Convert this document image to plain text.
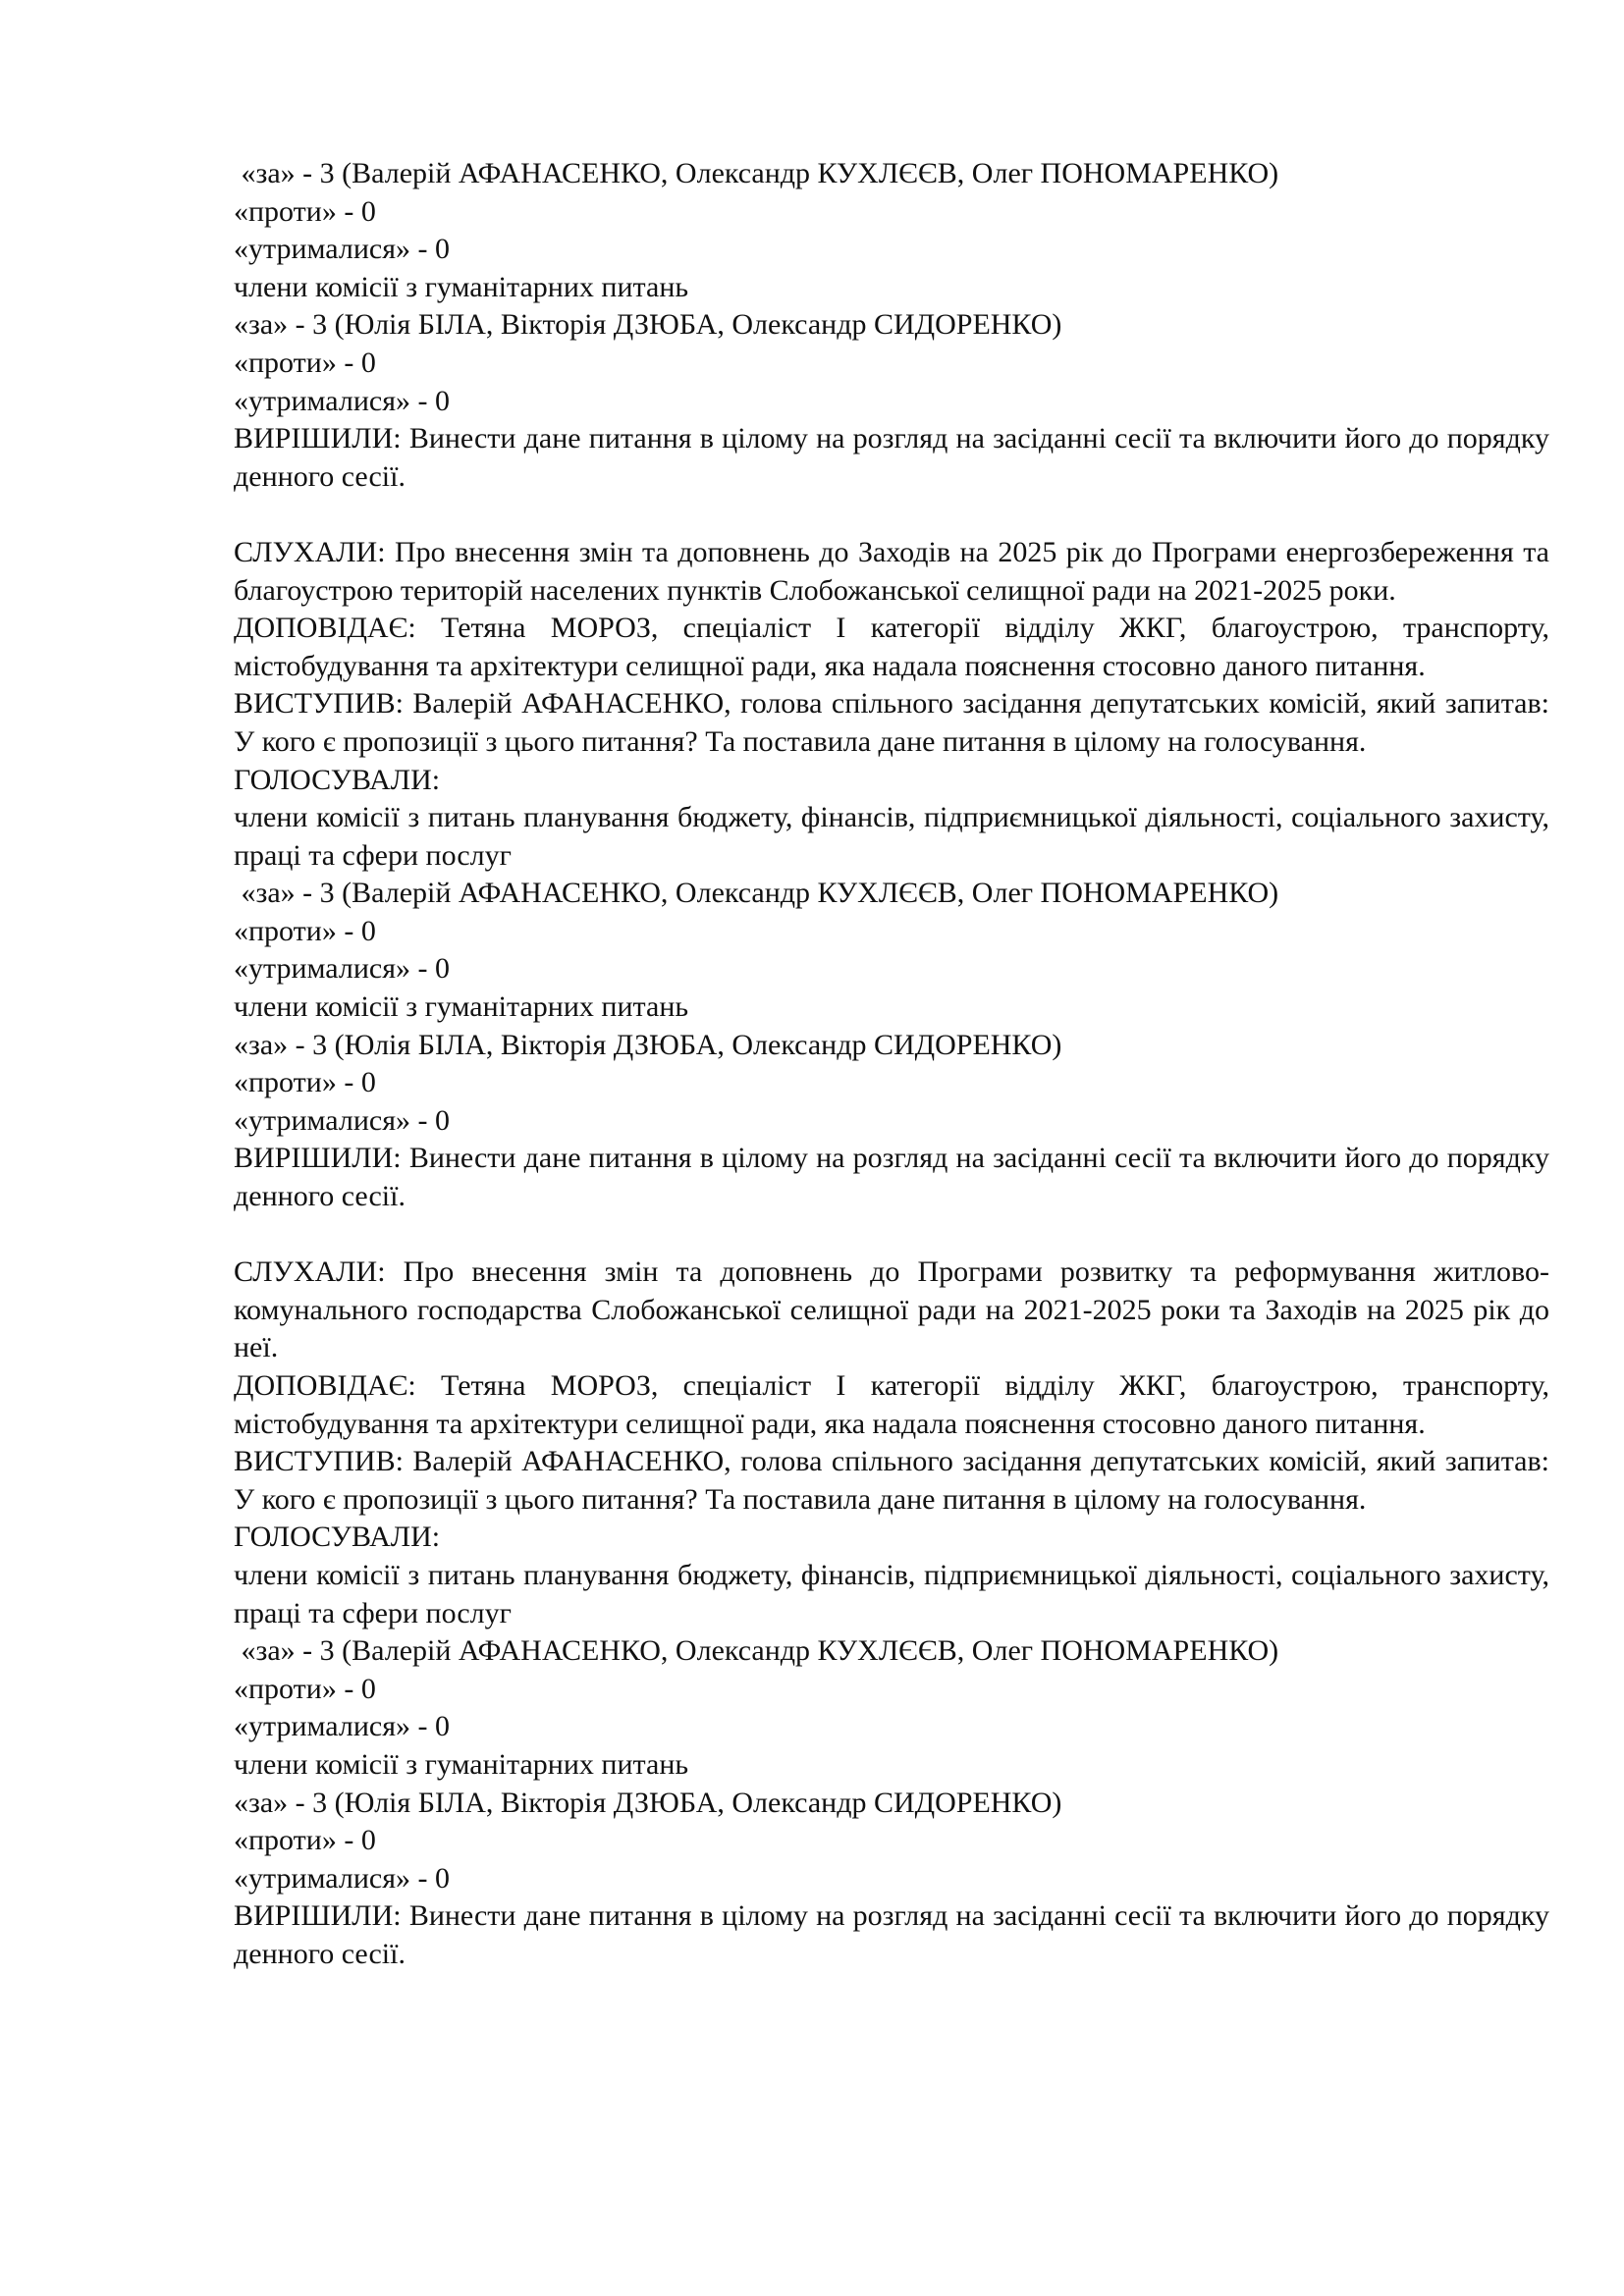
«за» - 3 (Валерій АФАНАСЕНКО, Олександр КУХЛЄЄВ, Олег ПОНОМАРЕНКО)
«проти» - 0
«утрималися» - 0
члени комісії з гуманітарних питань
«за» - 3 (Юлія БІЛА, Вікторія ДЗЮБА, Олександр СИДОРЕНКО)
«проти» - 0
«утрималися» - 0

ВИРІШИЛИ: Винести дане питання в цілому на розгляд на засіданні сесії та включити його до порядку денного сесії.

СЛУХАЛИ: Про внесення змін та доповнень до Заходів на 2025 рік до Програми енергозбереження та благоустрою територій населених пунктів Слобожанської селищної ради на 2021-2025 роки.

ДОПОВІДАЄ: Тетяна МОРОЗ, спеціаліст І категорії відділу ЖКГ, благоустрою, транспорту, містобудування та архітектури селищної ради, яка надала пояснення стосовно даного питання.

ВИСТУПИВ: Валерій АФАНАСЕНКО, голова спільного засідання депутатських комісій, який запитав: У кого є пропозиції з цього питання? Та поставила дане питання в цілому на голосування.

ГОЛОСУВАЛИ:

члени комісії з питань планування бюджету, фінансів, підприємницької діяльності, соціального захисту, праці та сфери послуг

«за» - 3 (Валерій АФАНАСЕНКО, Олександр КУХЛЄЄВ, Олег ПОНОМАРЕНКО)
«проти» - 0
«утрималися» - 0
члени комісії з гуманітарних питань
«за» - 3 (Юлія БІЛА, Вікторія ДЗЮБА, Олександр СИДОРЕНКО)
«проти» - 0
«утрималися» - 0

ВИРІШИЛИ: Винести дане питання в цілому на розгляд на засіданні сесії та включити його до порядку денного сесії.

СЛУХАЛИ: Про внесення змін та доповнень до Програми розвитку та реформування житлово-комунального господарства Слобожанської селищної ради на 2021-2025 роки та Заходів на 2025 рік до неї.

ДОПОВІДАЄ: Тетяна МОРОЗ, спеціаліст І категорії відділу ЖКГ, благоустрою, транспорту, містобудування та архітектури селищної ради, яка надала пояснення стосовно даного питання.

ВИСТУПИВ: Валерій АФАНАСЕНКО, голова спільного засідання депутатських комісій, який запитав: У кого є пропозиції з цього питання? Та поставила дане питання в цілому на голосування.

ГОЛОСУВАЛИ:

члени комісії з питань планування бюджету, фінансів, підприємницької діяльності, соціального захисту, праці та сфери послуг

«за» - 3 (Валерій АФАНАСЕНКО, Олександр КУХЛЄЄВ, Олег ПОНОМАРЕНКО)
«проти» - 0
«утрималися» - 0
члени комісії з гуманітарних питань
«за» - 3 (Юлія БІЛА, Вікторія ДЗЮБА, Олександр СИДОРЕНКО)
«проти» - 0
«утрималися» - 0

ВИРІШИЛИ: Винести дане питання в цілому на розгляд на засіданні сесії та включити його до порядку денного сесії.
